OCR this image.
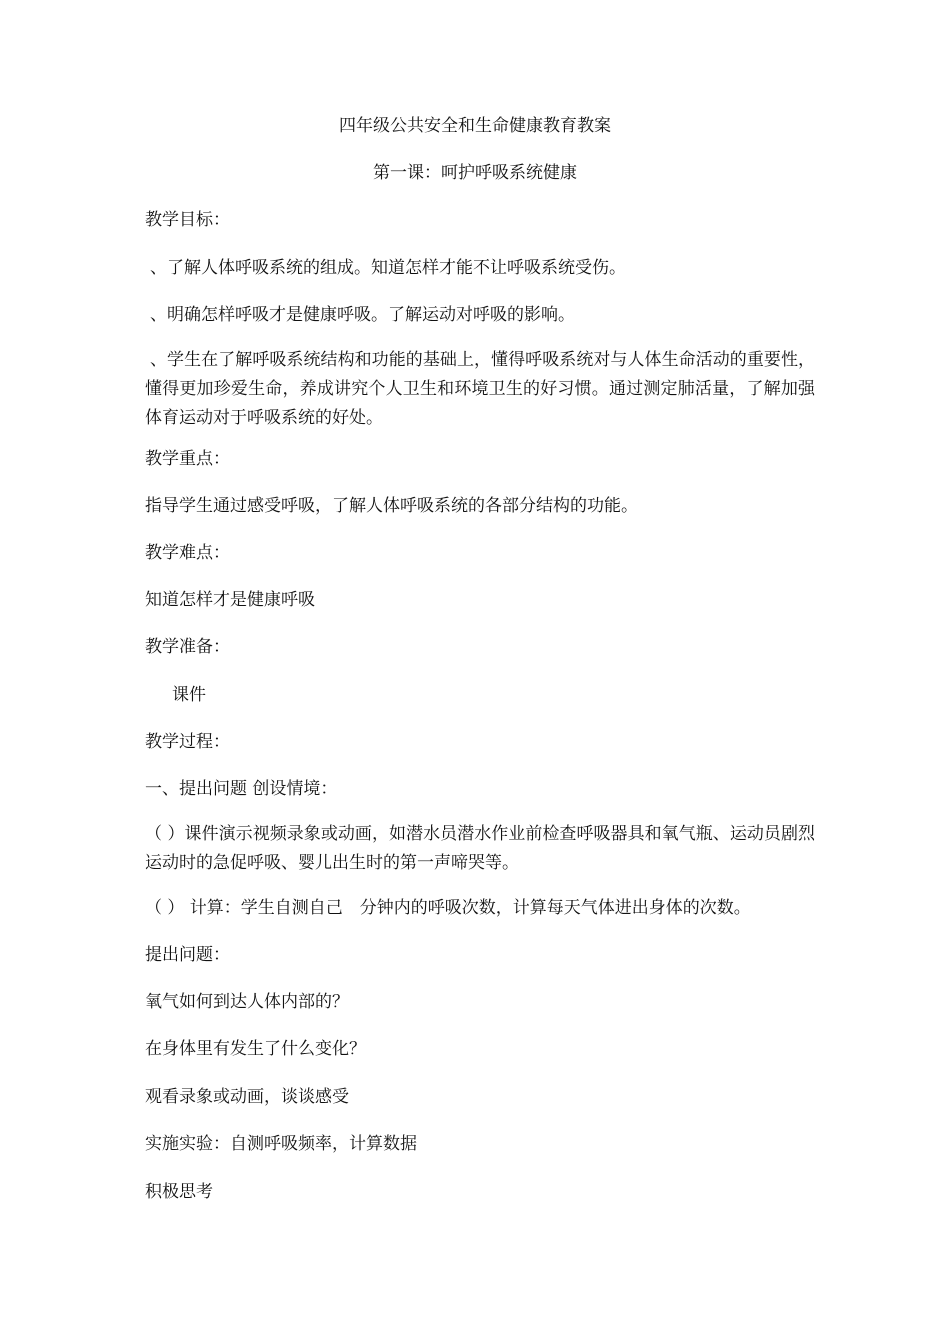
四年级公共安全和生命健康教育教案
第一课：呵护呼吸系统健康
教学目标：
、了解人体呼吸系统的组成。知道怎样才能不让呼吸系统受伤。
、明确怎样呼吸才是健康呼吸。了解运动对呼吸的影响。
、学生在了解呼吸系统结构和功能的基础上，懂得呼吸系统对与人体生命活动的重要性，懂得更加珍爱生命，养成讲究个人卫生和环境卫生的好习惯。通过测定肺活量，了解加强体育运动对于呼吸系统的好处。
教学重点：
指导学生通过感受呼吸，了解人体呼吸系统的各部分结构的功能。
教学难点：
知道怎样才是健康呼吸
教学准备：
课件
教学过程：
一、提出问题 创设情境：
（ ）课件演示视频录象或动画，如潜水员潜水作业前检查呼吸器具和氧气瓶、运动员剧烈运动时的急促呼吸、婴儿出生时的第一声啼哭等。
（ ） 计算：学生自测自己　分钟内的呼吸次数，计算每天气体进出身体的次数。
提出问题：
氧气如何到达人体内部的？
在身体里有发生了什么变化？
观看录象或动画，谈谈感受
实施实验：自测呼吸频率，计算数据
积极思考
